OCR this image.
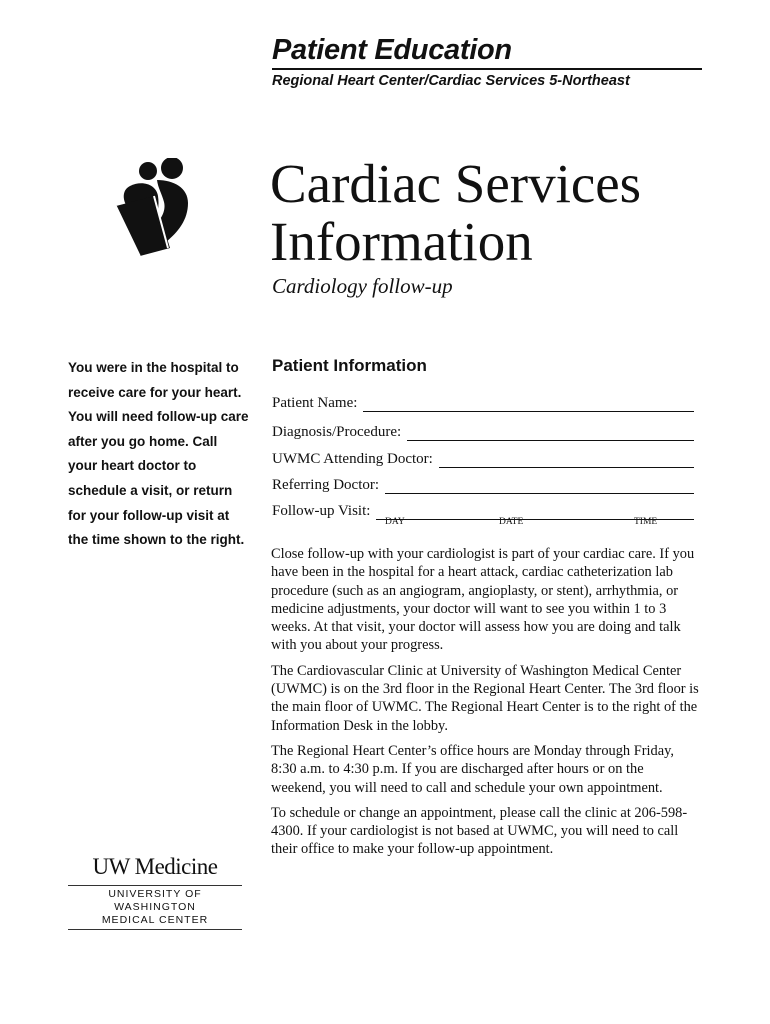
Patient Education

Regional Heart Center/Cardiac Services 5-Northeast

Cardiac Services
Information

Cardiology follow-up

You were in the hospital to receive care for your heart. You will need follow-up care after you go home. Call your heart doctor to schedule a visit, or return for your follow-up visit at the time shown to the right.

UW Medicine
UNIVERSITY OF WASHINGTON
MEDICAL CENTER
Patient Information
Patient Name:
Diagnosis/Procedure:
UWMC Attending Doctor:
Referring Doctor:
Follow-up Visit:
DAY	DATE	TIME

Close follow-up with your cardiologist is part of your cardiac care. If you have been in the hospital for a heart attack, cardiac catheterization lab procedure (such as an angiogram, angioplasty, or stent), arrhythmia, or medicine adjustments, your doctor will want to see you within 1 to 3 weeks. At that visit, your doctor will assess how you are doing and talk with you about your progress.

The Cardiovascular Clinic at University of Washington Medical Center (UWMC) is on the 3rd floor in the Regional Heart Center. The 3rd floor is the main floor of UWMC. The Regional Heart Center is to the right of the Information Desk in the lobby.

The Regional Heart Center’s office hours are Monday through Friday, 8:30 a.m. to 4:30 p.m. If you are discharged after hours or on the weekend, you will need to call and schedule your own appointment.

To schedule or change an appointment, please call the clinic at 206-598-4300. If your cardiologist is not based at UWMC, you will need to call their office to make your follow-up appointment.
